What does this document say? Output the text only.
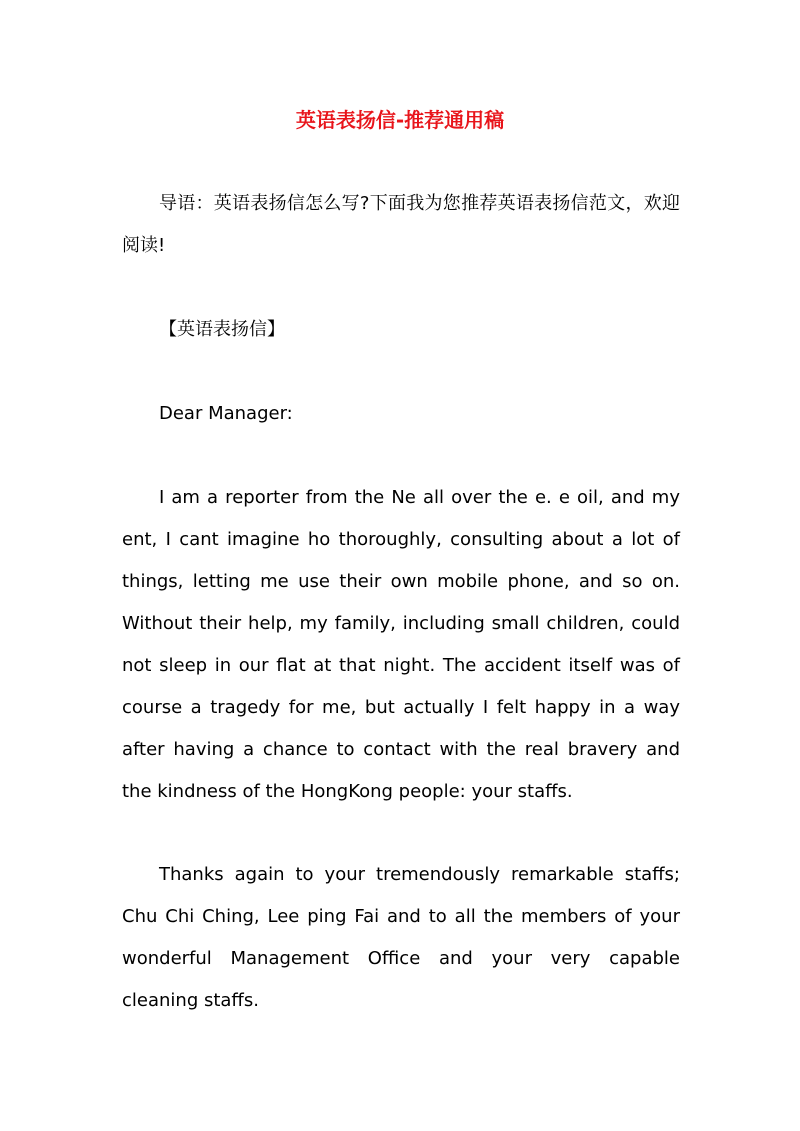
英语表扬信-推荐通用稿

导语：英语表扬信怎么写?下面我为您推荐英语表扬信范文，欢迎阅读!

【英语表扬信】

Dear Manager:

I am a reporter from the Ne all over the e. e oil, and my ent, I cant imagine ho thoroughly, consulting about a lot of things, letting me use their own mobile phone, and so on. Without their help, my family, including small children, could not sleep in our flat at that night. The accident itself was of course a tragedy for me, but actually I felt happy in a way after having a chance to contact with the real bravery and the kindness of the HongKong people: your staffs.

Thanks again to your tremendously remarkable staffs; Chu Chi Ching, Lee ping Fai and to all the members of your wonderful Management Office and your very capable cleaning staffs.
